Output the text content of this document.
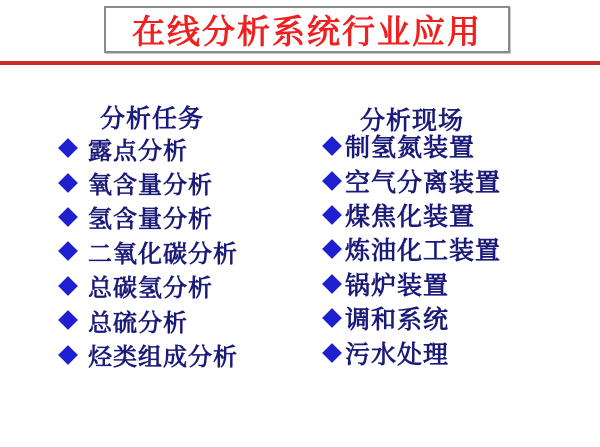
在线分析系统行业应用
分析任务	分析现场
露点分析
氧含量分析
氢含量分析
二氧化碳分析
总碳氢分析
总硫分析
烃类组成分析
制氢氮装置
空气分离装置
煤焦化装置
炼油化工装置
锅炉装置
调和系统
污水处理
